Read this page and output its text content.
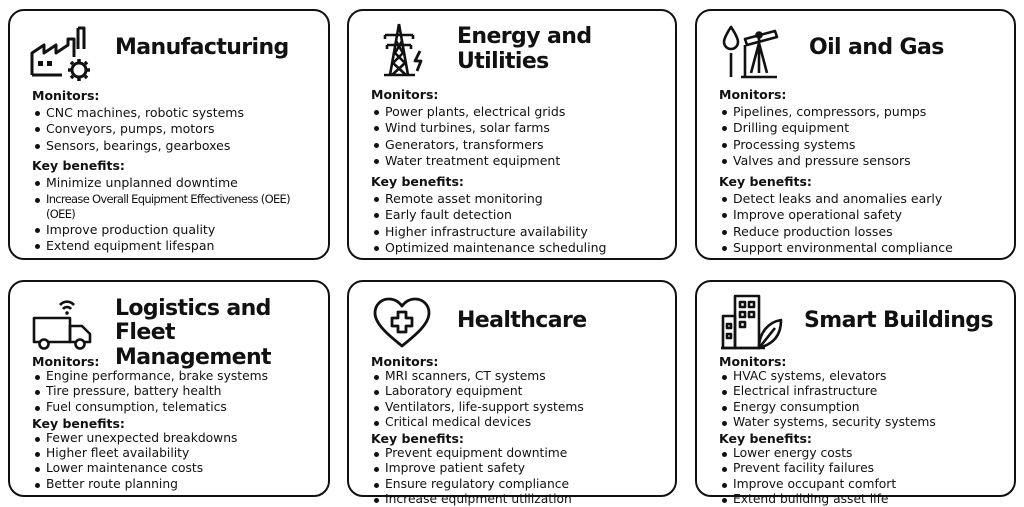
Manufacturing
Monitors:
CNC machines, robotic systems
Conveyors, pumps, motors
Sensors, bearings, gearboxes
Key benefits:
Minimize unplanned downtime
Increase Overall Equipment Effectiveness (OEE) (OEE)
Improve production quality
Extend equipment lifespan
Energy and
Utilities
Monitors:
Power plants, electrical grids
Wind turbines, solar farms
Generators, transformers
Water treatment equipment
Key benefits:
Remote asset monitoring
Early fault detection
Higher infrastructure availability
Optimized maintenance scheduling
Oil and Gas
Monitors:
Pipelines, compressors, pumps
Drilling equipment
Processing systems
Valves and pressure sensors
Key benefits:
Detect leaks and anomalies early
Improve operational safety
Reduce production losses
Support environmental compliance
Logistics and
Fleet Management
Monitors:
Engine performance, brake systems
Tire pressure, battery health
Fuel consumption, telematics
Key benefits:
Fewer unexpected breakdowns
Higher fleet availability
Lower maintenance costs
Better route planning
Healthcare
Monitors:
MRI scanners, CT systems
Laboratory equipment
Ventilators, life-support systems
Critical medical devices
Key benefits:
Prevent equipment downtime
Improve patient safety
Ensure regulatory compliance
Increase equipment utilization
Smart Buildings
Monitors:
HVAC systems, elevators
Electrical infrastructure
Energy consumption
Water systems, security systems
Key benefits:
Lower energy costs
Prevent facility failures
Improve occupant comfort
Extend building asset life
